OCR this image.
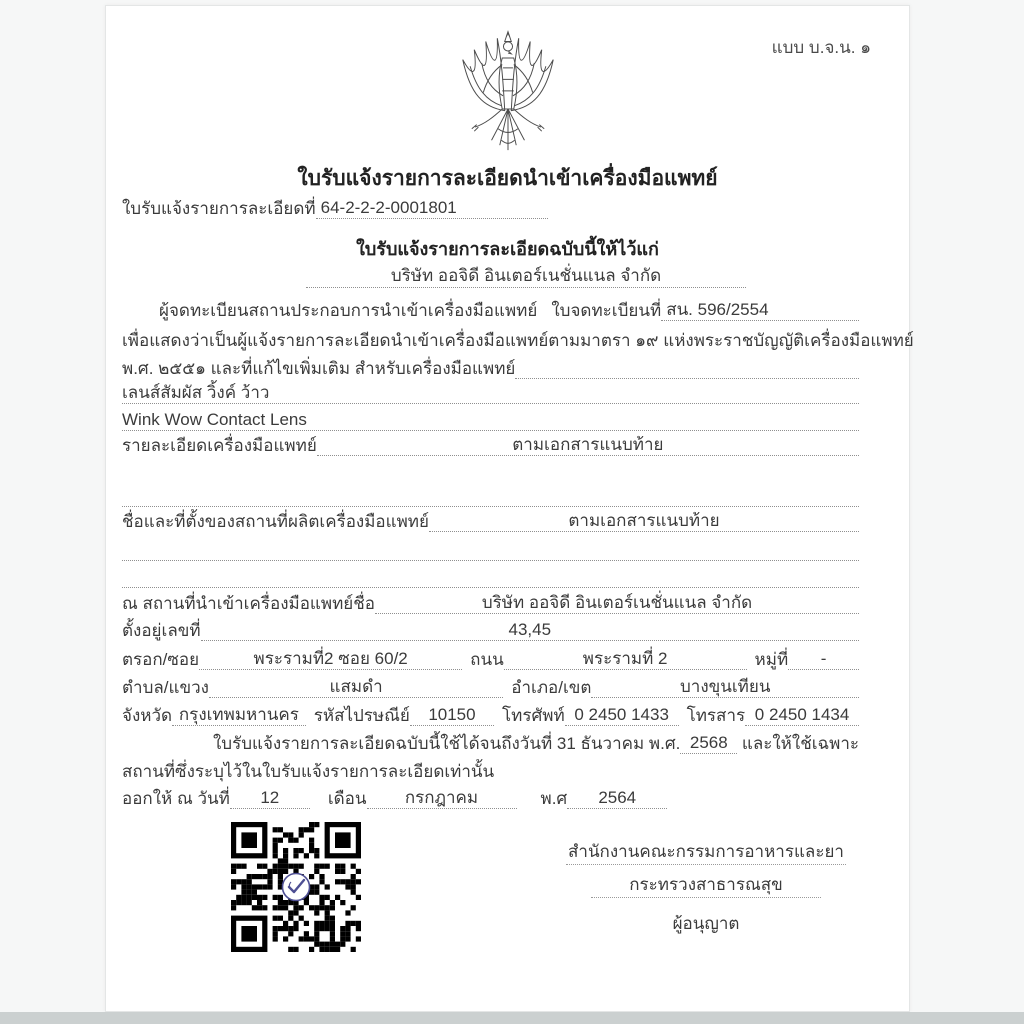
แบบ บ.จ.น. ๑
ใบรับแจ้งรายการละเอียดนำเข้าเครื่องมือแพทย์
ใบรับแจ้งรายการละเอียดที่ 64-2-2-2-0001801
ใบรับแจ้งรายการละเอียดฉบับนี้ให้ไว้แก่
บริษัท ออจิดี อินเตอร์เนชั่นแนล จำกัด
ผู้จดทะเบียนสถานประกอบการนำเข้าเครื่องมือแพทย์ ใบจดทะเบียนที่ สน. 596/2554
เพื่อแสดงว่าเป็นผู้แจ้งรายการละเอียดนำเข้าเครื่องมือแพทย์ตามมาตรา ๑๙ แห่งพระราชบัญญัติเครื่องมือแพทย์
พ.ศ. ๒๕๕๑ และที่แก้ไขเพิ่มเติม สำหรับเครื่องมือแพทย์
เลนส์สัมผัส วิ้งค์ ว้าว
Wink Wow Contact Lens
รายละเอียดเครื่องมือแพทย์	ตามเอกสารแนบท้าย
ชื่อและที่ตั้งของสถานที่ผลิตเครื่องมือแพทย์	ตามเอกสารแนบท้าย
ณ สถานที่นำเข้าเครื่องมือแพทย์ชื่อ	บริษัท ออจิดี อินเตอร์เนชั่นแนล จำกัด
ตั้งอยู่เลขที่	43,45
ตรอก/ซอย	พระรามที่2 ซอย 60/2	ถนน	พระรามที่ 2	หมู่ที่	-
ตำบล/แขวง	แสมดำ	อำเภอ/เขต	บางขุนเทียน
จังหวัด กรุงเทพมหานคร รหัสไปรษณีย์	10150	โทรศัพท์ 0 2450 1433	โทรสาร 0 2450 1434
ใบรับแจ้งรายการละเอียดฉบับนี้ใช้ได้จนถึงวันที่ 31 ธันวาคม พ.ศ. 2568 และให้ใช้เฉพาะ
สถานที่ซึ่งระบุไว้ในใบรับแจ้งรายการละเอียดเท่านั้น
ออกให้ ณ วันที่	12	เดือน	กรกฎาคม	พ.ศ	2564
สำนักงานคณะกรรมการอาหารและยา
กระทรวงสาธารณสุข
ผู้อนุญาต
